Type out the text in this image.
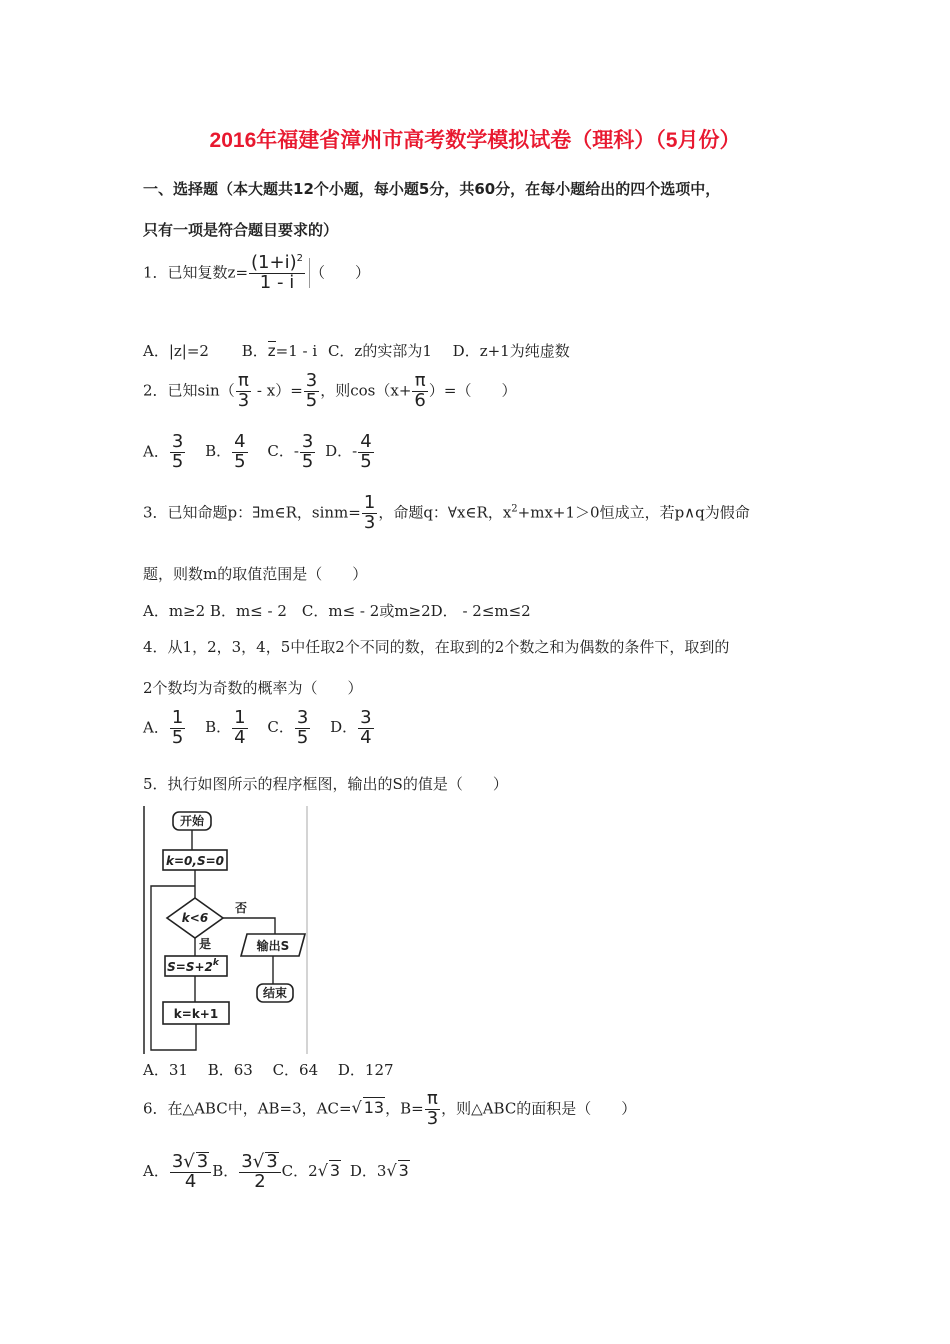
2016年福建省漳州市高考数学模拟试卷（理科）（5月份）
一、选择题（本大题共12个小题，每小题5分，共60分，在每小题给出的四个选项中，
只有一项是符合题目要求的）
1．已知复数$z= \frac{(1+i)^2}{1 - i}$ （　　）
A．|z|=2 B．z=1 - i C．z的实部为1 D．z+1为纯虚数
2．已知$\sin( \frac{\pi}{3} - x)= \frac{3}{5}$ ，则$\cos(x+ \frac{\pi}{6}$ ）=（　　）
A． $\frac{3}{5}$ B． $\frac{4}{5}$ C．- $\frac{3}{5}$ D．- $\frac{4}{5}$
3．已知命题p：∃m∈R，$\sin m= \frac{1}{3}$ ，命题q：∀x∈R，$x^2+mx+1>0$恒成立，若p∧q为假命
题，则数m的取值范围是（　　）
A．m≥2 B．m≤ - 2　C．m≤ - 2或m≥2D． - 2≤m≤2
4．从1，2，3，4，5中任取2个不同的数，在取到的2个数之和为偶数的条件下，取到的
2个数均为奇数的概率为（　　）
A． $\frac{1}{5}$ B． $\frac{1}{4}$ C． $\frac{3}{5}$ D． $\frac{3}{4}$
5．执行如图所示的程序框图，输出的S的值是（　　）
开始
k=0,S=0
k<6
否
输出S
结束
是
$S=S+2^k$
k=k+1
A．31　 B．63　 C．64　 D．127
6．在△ABC中，AB=3，AC=√ 13，$B= \frac{\pi}{3}$ ，则△ABC的面积是（　　）
A． $\frac{3√ 3}{4}$ B． $\frac{3√ 3}{2}$ C．2√ 3 D．3√ 3
